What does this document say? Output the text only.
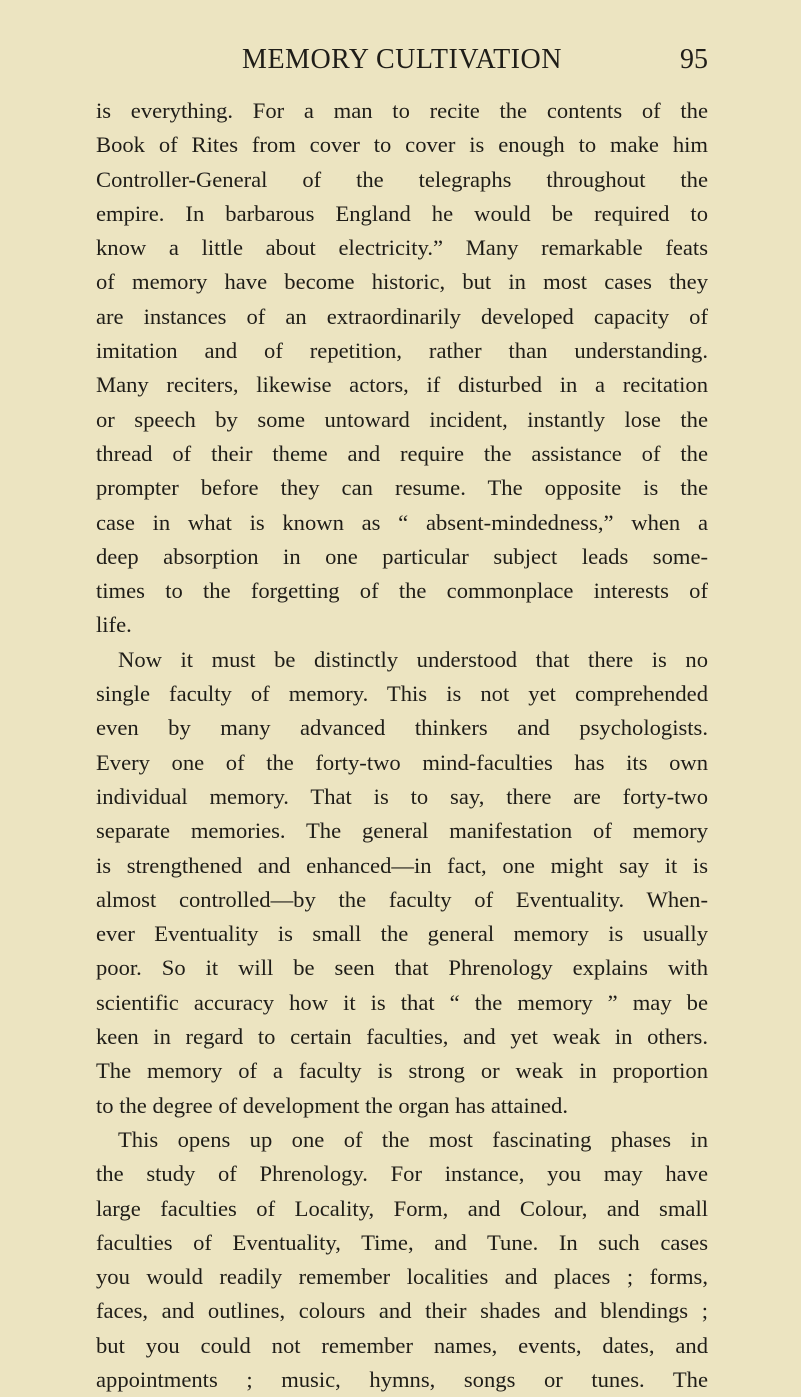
MEMORY CULTIVATION	95
is everything. For a man to recite the contents of the
Book of Rites from cover to cover is enough to make him
Controller-General of the telegraphs throughout the
empire. In barbarous England he would be required to
know a little about electricity.” Many remarkable feats
of memory have become historic, but in most cases they
are instances of an extraordinarily developed capacity of
imitation and of repetition, rather than understanding.
Many reciters, likewise actors, if disturbed in a recitation
or speech by some untoward incident, instantly lose the
thread of their theme and require the assistance of the
prompter before they can resume. The opposite is the
case in what is known as “ absent-mindedness,” when a
deep absorption in one particular subject leads some-
times to the forgetting of the commonplace interests of
life.
Now it must be distinctly understood that there is no
single faculty of memory. This is not yet comprehended
even by many advanced thinkers and psychologists.
Every one of the forty-two mind-faculties has its own
individual memory. That is to say, there are forty-two
separate memories. The general manifestation of memory
is strengthened and enhanced—in fact, one might say it is
almost controlled—by the faculty of Eventuality. When-
ever Eventuality is small the general memory is usually
poor. So it will be seen that Phrenology explains with
scientific accuracy how it is that “ the memory ” may be
keen in regard to certain faculties, and yet weak in others.
The memory of a faculty is strong or weak in proportion
to the degree of development the organ has attained.
This opens up one of the most fascinating phases in
the study of Phrenology. For instance, you may have
large faculties of Locality, Form, and Colour, and small
faculties of Eventuality, Time, and Tune. In such cases
you would readily remember localities and places ; forms,
faces, and outlines, colours and their shades and blendings ;
but you could not remember names, events, dates, and
appointments ; music, hymns, songs or tunes. The
